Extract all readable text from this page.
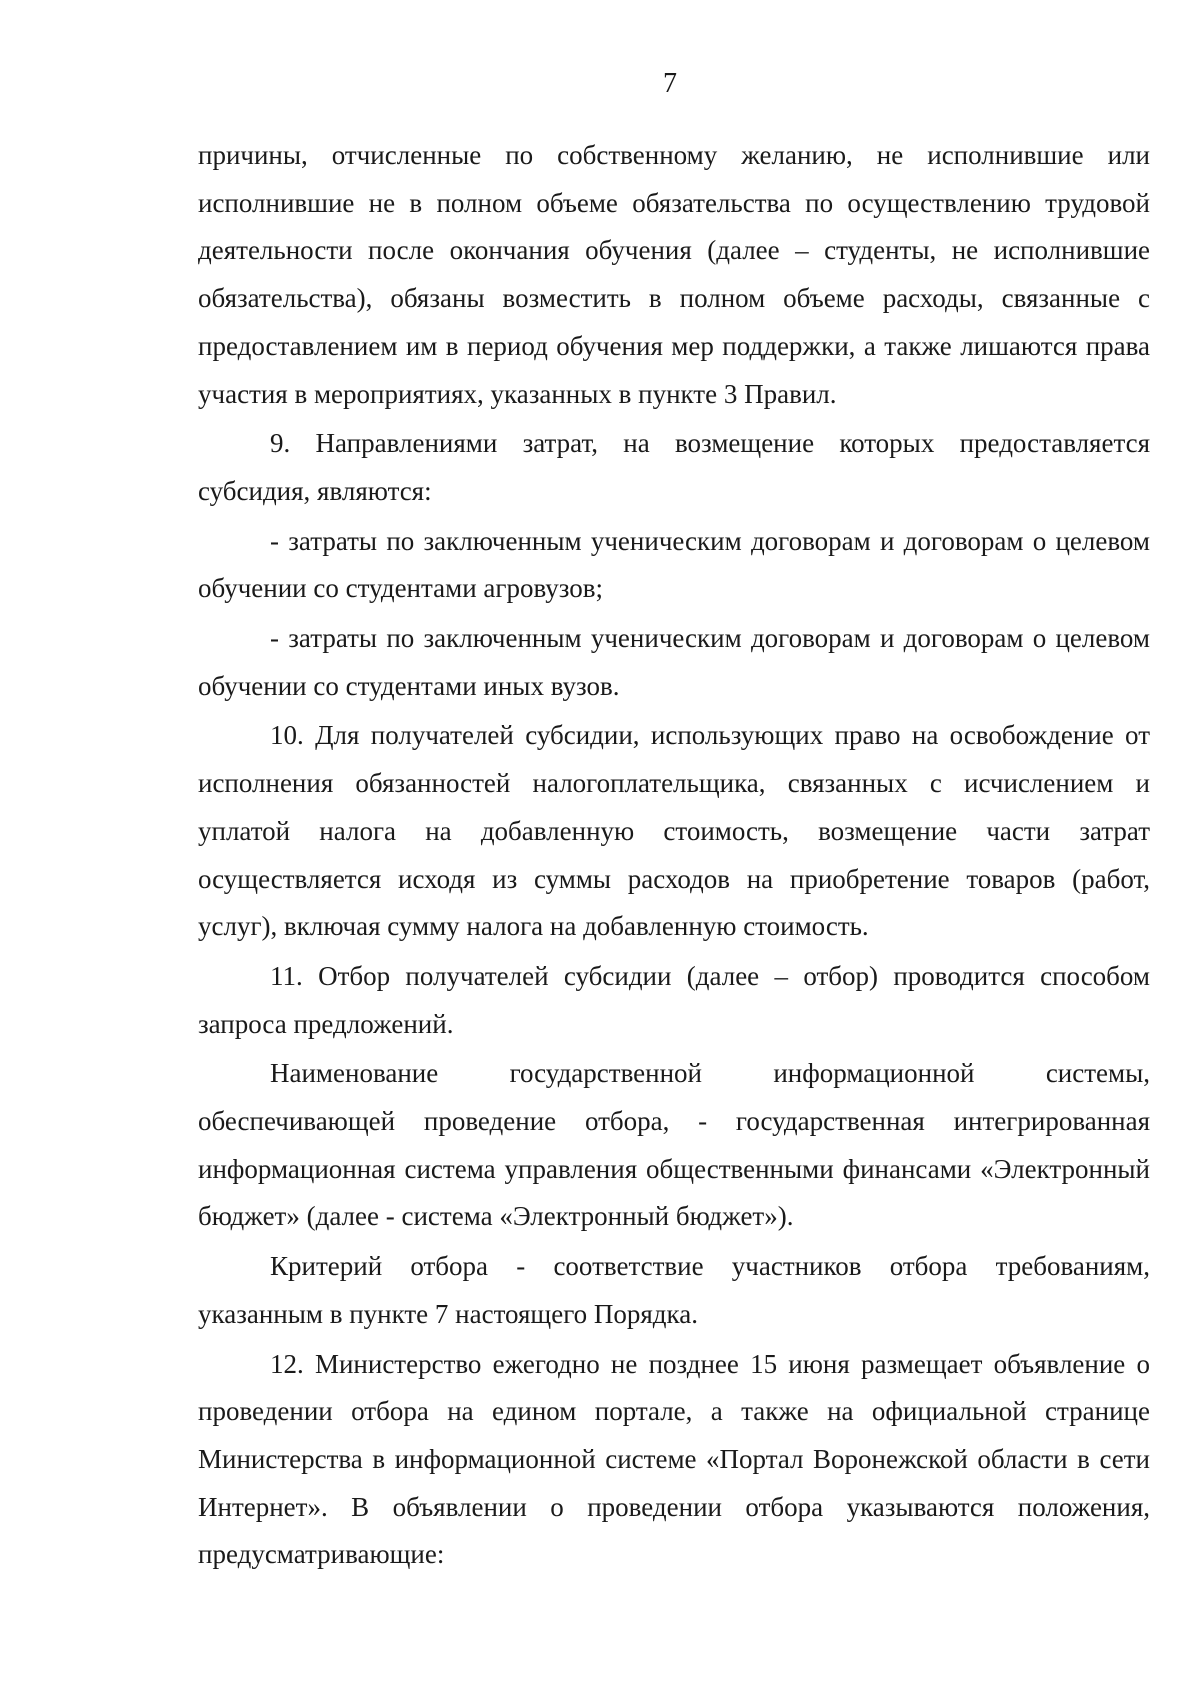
7

причины, отчисленные по собственному желанию, не исполнившие или исполнившие не в полном объеме обязательства по осуществлению трудовой деятельности после окончания обучения (далее – студенты, не исполнившие обязательства), обязаны возместить в полном объеме расходы, связанные с предоставлением им в период обучения мер поддержки, а также лишаются права участия в мероприятиях, указанных в пункте 3 Правил.

9. Направлениями затрат, на возмещение которых предоставляется субсидия, являются:

- затраты по заключенным ученическим договорам и договорам о целевом обучении со студентами агровузов;

- затраты по заключенным ученическим договорам и договорам о целевом обучении со студентами иных вузов.

10. Для получателей субсидии, использующих право на освобождение от исполнения обязанностей налогоплательщика, связанных с исчислением и уплатой налога на добавленную стоимость, возмещение части затрат осуществляется исходя из суммы расходов на приобретение товаров (работ, услуг), включая сумму налога на добавленную стоимость.

11. Отбор получателей субсидии (далее – отбор) проводится способом запроса предложений.

Наименование государственной информационной системы, обеспечивающей проведение отбора, - государственная интегрированная информационная система управления общественными финансами «Электронный бюджет» (далее - система «Электронный бюджет»).

Критерий отбора - соответствие участников отбора требованиям, указанным в пункте 7 настоящего Порядка.

12. Министерство ежегодно не позднее 15 июня размещает объявление о проведении отбора на едином портале, а также на официальной странице Министерства в информационной системе «Портал Воронежской области в сети Интернет». В объявлении о проведении отбора указываются положения, предусматривающие:
